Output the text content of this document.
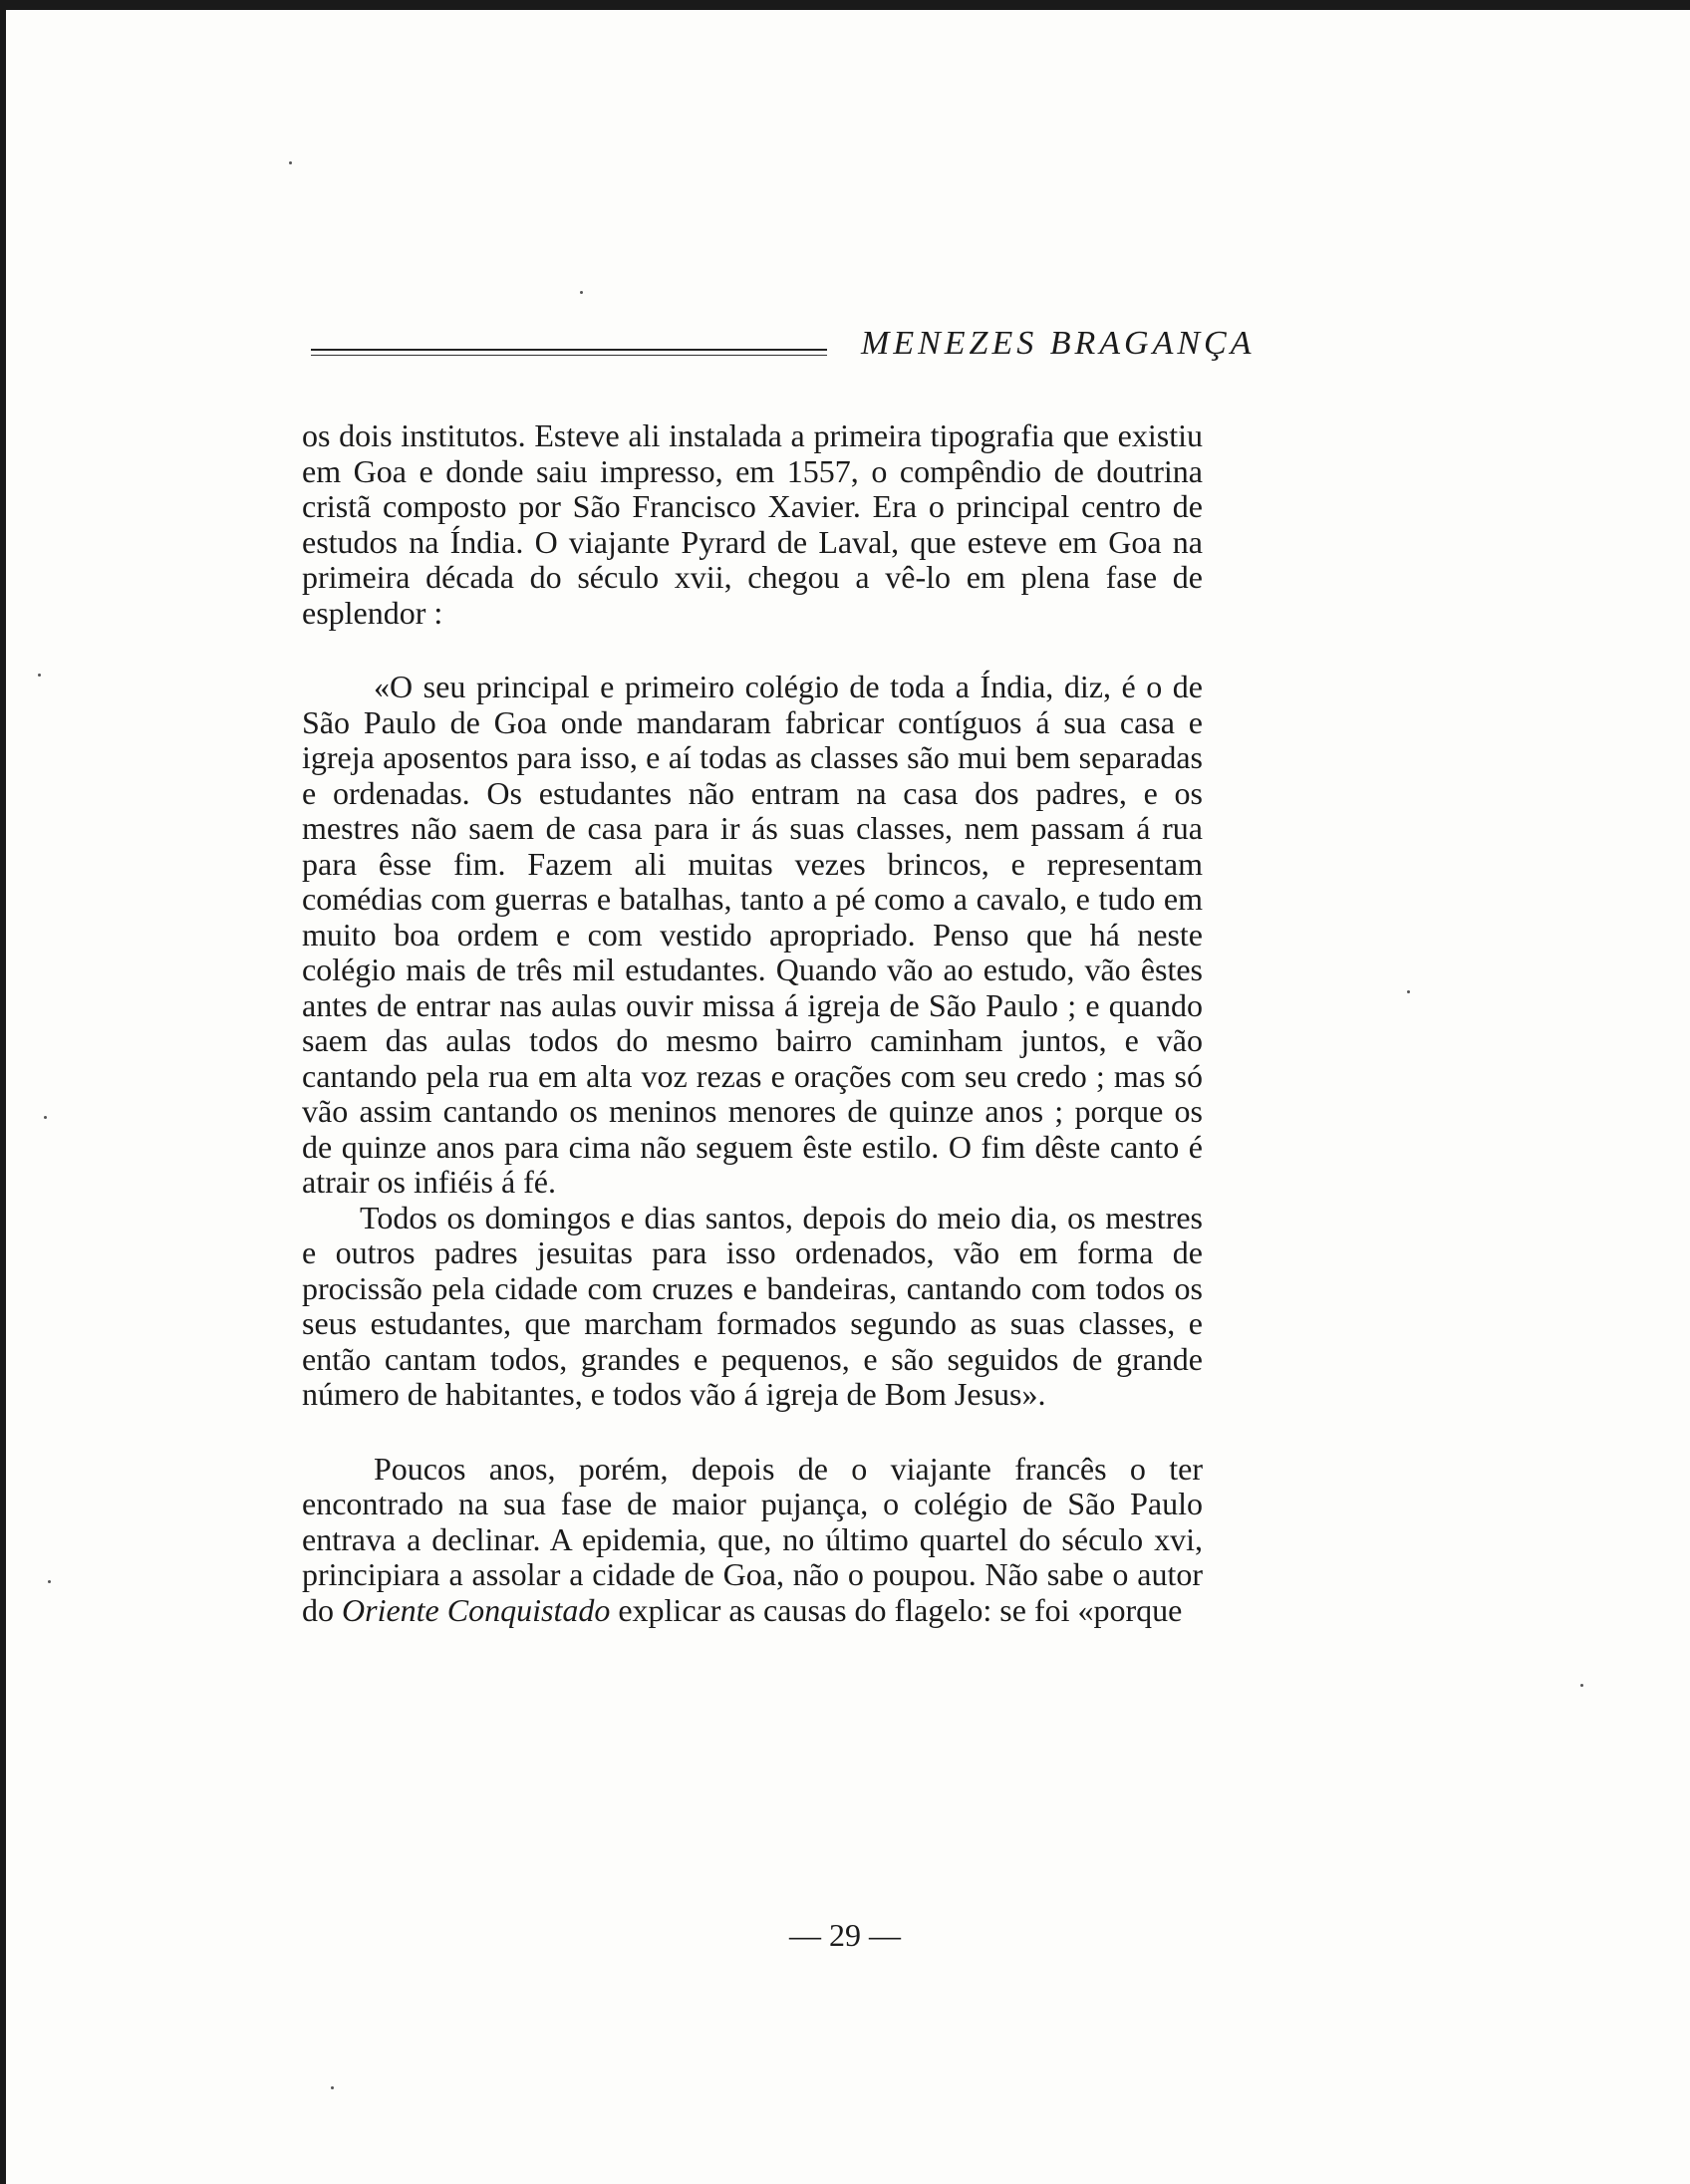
MENEZES BRAGANÇA

os dois institutos. Esteve ali instalada a primeira tipografia que existiu em Goa e donde saiu impresso, em 1557, o compêndio de doutrina cristã composto por São Francisco Xavier. Era o principal centro de estudos na Índia. O viajante Pyrard de Laval, que esteve em Goa na primeira década do século xvii, chegou a vê-lo em plena fase de esplendor :

«O seu principal e primeiro colégio de toda a Índia, diz, é o de São Paulo de Goa onde mandaram fabricar contíguos á sua casa e igreja aposentos para isso, e aí todas as classes são mui bem separadas e ordenadas. Os estudantes não entram na casa dos padres, e os mestres não saem de casa para ir ás suas classes, nem passam á rua para êsse fim. Fazem ali muitas vezes brincos, e representam comédias com guerras e batalhas, tanto a pé como a cavalo, e tudo em muito boa ordem e com vestido apropriado. Penso que há neste colégio mais de três mil estudantes. Quando vão ao estudo, vão êstes antes de entrar nas aulas ouvir missa á igreja de São Paulo ; e quando saem das aulas todos do mesmo bairro caminham juntos, e vão cantando pela rua em alta voz rezas e orações com seu credo ; mas só vão assim cantando os meninos menores de quinze anos ; porque os de quinze anos para cima não seguem êste estilo. O fim dêste canto é atrair os infiéis á fé.

Todos os domingos e dias santos, depois do meio dia, os mestres e outros padres jesuitas para isso ordenados, vão em forma de procissão pela cidade com cruzes e bandeiras, cantando com todos os seus estudantes, que marcham formados segundo as suas classes, e então cantam todos, grandes e pequenos, e são seguidos de grande número de habitantes, e todos vão á igreja de Bom Jesus».

Poucos anos, porém, depois de o viajante francês o ter encontrado na sua fase de maior pujança, o colégio de São Paulo entrava a declinar. A epidemia, que, no último quartel do século xvi, principiara a assolar a cidade de Goa, não o poupou. Não sabe o autor do Oriente Conquistado explicar as causas do flagelo: se foi «porque

— 29 —
